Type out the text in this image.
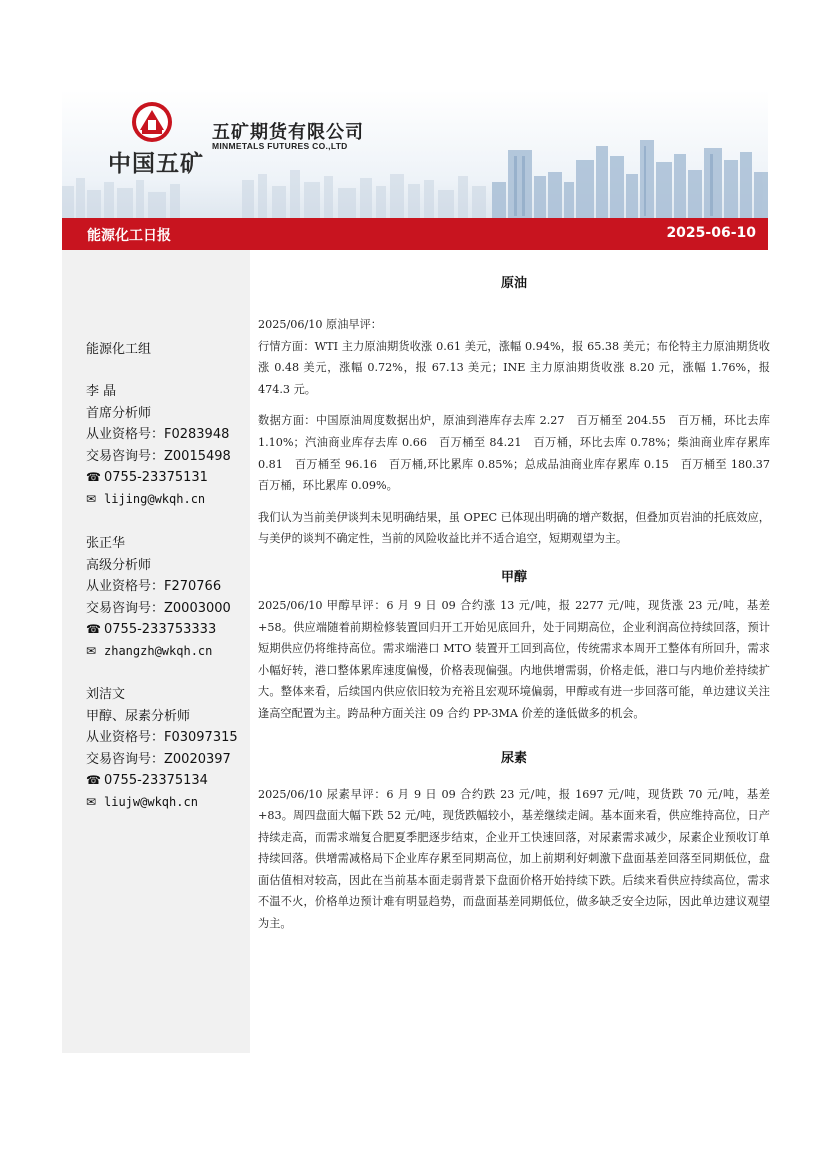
中国五矿
五矿期货有限公司
MINMETALS FUTURES CO.,LTD
能源化工日报	2025-06-10
能源化工组
李 晶
首席分析师
从业资格号：F0283948
交易咨询号：Z0015498
☎ 0755-23375131
✉ lijing@wkqh.cn
张正华
高级分析师
从业资格号：F270766
交易咨询号：Z0003000
☎ 0755-233753333
✉ zhangzh@wkqh.cn
刘洁文
甲醇、尿素分析师
从业资格号：F03097315
交易咨询号：Z0020397
☎ 0755-23375134
✉ liujw@wkqh.cn
原油

2025/06/10 原油早评：

行情方面：WTI 主力原油期货收涨 0.61 美元，涨幅 0.94%，报 65.38 美元；布伦特主力原油期货收涨 0.48 美元，涨幅 0.72%，报 67.13 美元；INE 主力原油期货收涨 8.20 元，涨幅 1.76%，报 474.3 元。

数据方面：中国原油周度数据出炉，原油到港库存去库 2.27　百万桶至 204.55　百万桶，环比去库 1.10%；汽油商业库存去库 0.66　百万桶至 84.21　百万桶，环比去库 0.78%；柴油商业库存累库 0.81　百万桶至 96.16　百万桶,环比累库 0.85%；总成品油商业库存累库 0.15　百万桶至 180.37　百万桶，环比累库 0.09%。

我们认为当前美伊谈判未见明确结果，虽 OPEC 已体现出明确的增产数据，但叠加页岩油的托底效应，与美伊的谈判不确定性，当前的风险收益比并不适合追空，短期观望为主。

甲醇

2025/06/10 甲醇早评：6 月 9 日 09 合约涨 13 元/吨，报 2277 元/吨，现货涨 23 元/吨，基差+58。供应端随着前期检修装置回归开工开始见底回升，处于同期高位，企业利润高位持续回落，预计短期供应仍将维持高位。需求端港口 MTO 装置开工回到高位，传统需求本周开工整体有所回升，需求小幅好转，港口整体累库速度偏慢，价格表现偏强。内地供增需弱，价格走低，港口与内地价差持续扩大。整体来看，后续国内供应依旧较为充裕且宏观环境偏弱，甲醇或有进一步回落可能，单边建议关注逢高空配置为主。跨品种方面关注 09 合约 PP-3MA 价差的逢低做多的机会。

尿素

2025/06/10 尿素早评：6 月 9 日 09 合约跌 23 元/吨，报 1697 元/吨，现货跌 70 元/吨，基差+83。周四盘面大幅下跌 52 元/吨，现货跌幅较小，基差继续走阔。基本面来看，供应维持高位，日产持续走高，而需求端复合肥夏季肥逐步结束，企业开工快速回落，对尿素需求减少，尿素企业预收订单持续回落。供增需减格局下企业库存累至同期高位，加上前期利好刺激下盘面基差回落至同期低位，盘面估值相对较高，因此在当前基本面走弱背景下盘面价格开始持续下跌。后续来看供应持续高位，需求不温不火，价格单边预计难有明显趋势，而盘面基差同期低位，做多缺乏安全边际，因此单边建议观望为主。
